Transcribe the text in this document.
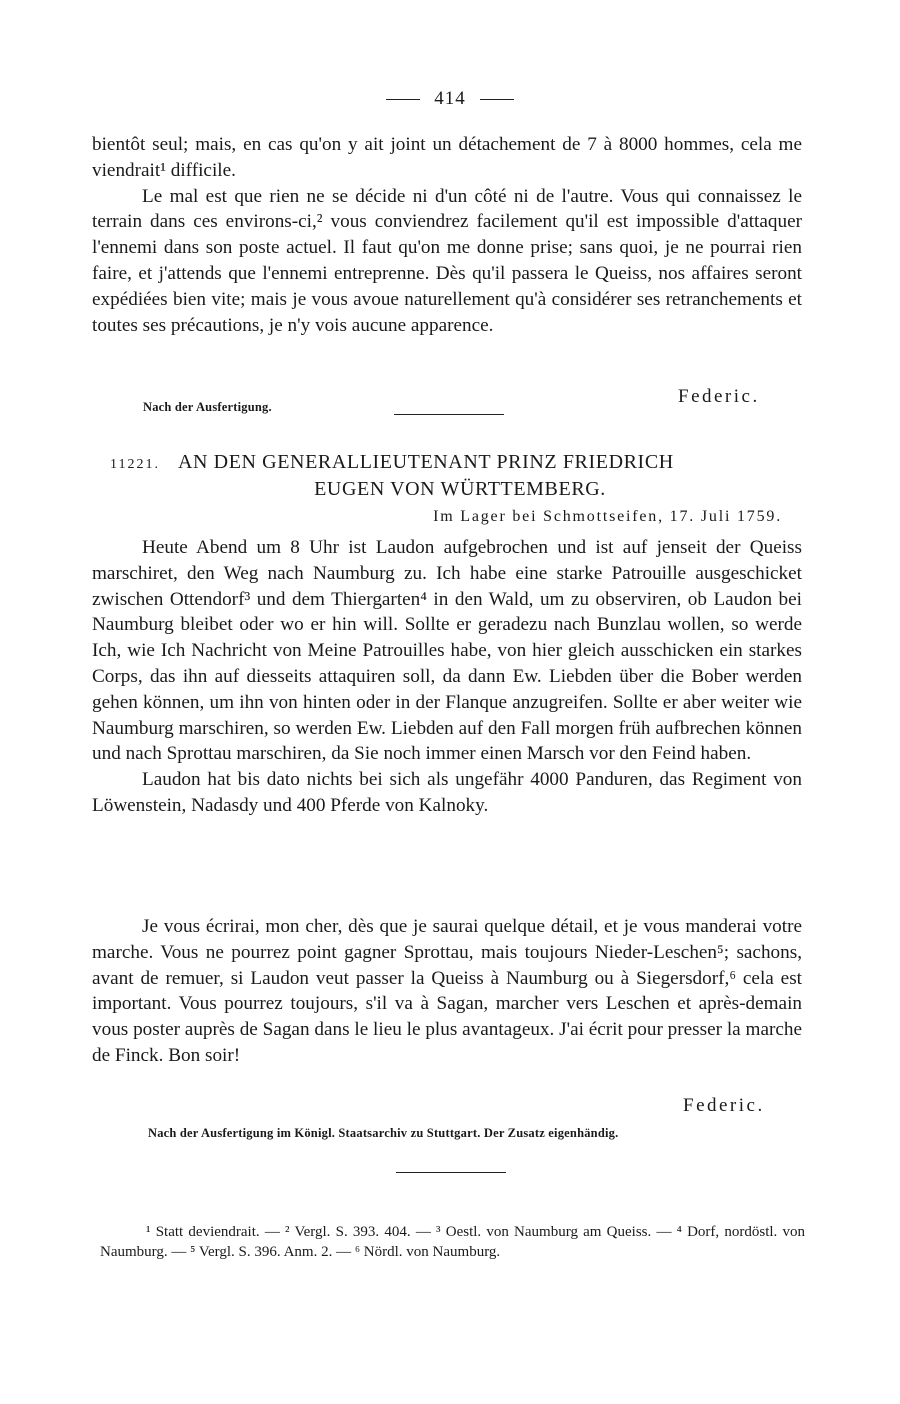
414

bientôt seul; mais, en cas qu'on y ait joint un détachement de 7 à 8000 hommes, cela me viendrait¹ difficile.

Le mal est que rien ne se décide ni d'un côté ni de l'autre. Vous qui connaissez le terrain dans ces environs-ci,² vous conviendrez facilement qu'il est impossible d'attaquer l'ennemi dans son poste actuel. Il faut qu'on me donne prise; sans quoi, je ne pourrai rien faire, et j'attends que l'ennemi entreprenne. Dès qu'il passera le Queiss, nos affaires seront expédiées bien vite; mais je vous avoue naturellement qu'à considérer ses retranchements et toutes ses précautions, je n'y vois aucune apparence.

Nach der Ausfertigung.	Federic.
11221. AN DEN GENERALLIEUTENANT PRINZ FRIEDRICH
EUGEN VON WÜRTTEMBERG.
Im Lager bei Schmottseifen, 17. Juli 1759.

Heute Abend um 8 Uhr ist Laudon aufgebrochen und ist auf jenseit der Queiss marschiret, den Weg nach Naumburg zu. Ich habe eine starke Patrouille ausgeschicket zwischen Ottendorf³ und dem Thiergarten⁴ in den Wald, um zu observiren, ob Laudon bei Naumburg bleibet oder wo er hin will. Sollte er geradezu nach Bunzlau wollen, so werde Ich, wie Ich Nachricht von Meine Patrouilles habe, von hier gleich ausschicken ein starkes Corps, das ihn auf diesseits attaquiren soll, da dann Ew. Liebden über die Bober werden gehen können, um ihn von hinten oder in der Flanque anzugreifen. Sollte er aber weiter wie Naumburg marschiren, so werden Ew. Liebden auf den Fall morgen früh aufbrechen können und nach Sprottau marschiren, da Sie noch immer einen Marsch vor den Feind haben.

Laudon hat bis dato nichts bei sich als ungefähr 4000 Panduren, das Regiment von Löwenstein, Nadasdy und 400 Pferde von Kalnoky.

Je vous écrirai, mon cher, dès que je saurai quelque détail, et je vous manderai votre marche. Vous ne pourrez point gagner Sprottau, mais toujours Nieder-Leschen⁵; sachons, avant de remuer, si Laudon veut passer la Queiss à Naumburg ou à Siegersdorf,⁶ cela est important. Vous pourrez toujours, s'il va à Sagan, marcher vers Leschen et après-demain vous poster auprès de Sagan dans le lieu le plus avantageux. J'ai écrit pour presser la marche de Finck. Bon soir!

Federic.
Nach der Ausfertigung im Königl. Staatsarchiv zu Stuttgart. Der Zusatz eigenhändig.
¹ Statt deviendrait. — ² Vergl. S. 393. 404. — ³ Oestl. von Naumburg am Queiss. — ⁴ Dorf, nordöstl. von Naumburg. — ⁵ Vergl. S. 396. Anm. 2. — ⁶ Nördl. von Naumburg.
